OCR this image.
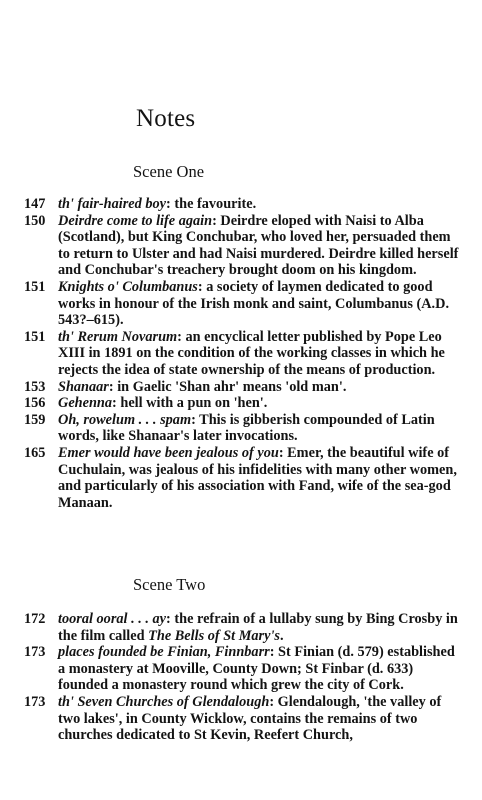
Notes
Scene One

147 th' fair-haired boy: the favourite.

150 Deirdre come to life again: Deirdre eloped with Naisi to Alba (Scotland), but King Conchubar, who loved her, persuaded them to return to Ulster and had Naisi murdered. Deirdre killed herself and Conchubar's treachery brought doom on his kingdom.

151 Knights o' Columbanus: a society of laymen dedicated to good works in honour of the Irish monk and saint, Columbanus (A.D. 543?–615).

151 th' Rerum Novarum: an encyclical letter published by Pope Leo XIII in 1891 on the condition of the working classes in which he rejects the idea of state ownership of the means of production.

153 Shanaar: in Gaelic 'Shan ahr' means 'old man'.

156 Gehenna: hell with a pun on 'hen'.

159 Oh, rowelum . . . spam: This is gibberish compounded of Latin words, like Shanaar's later invocations.

165 Emer would have been jealous of you: Emer, the beautiful wife of Cuchulain, was jealous of his infidelities with many other women, and particularly of his association with Fand, wife of the sea-god Manaan.

Scene Two

172 tooral ooral . . . ay: the refrain of a lullaby sung by Bing Crosby in the film called The Bells of St Mary's.

173 places founded be Finian, Finnbarr: St Finian (d. 579) established a monastery at Mooville, County Down; St Finbar (d. 633) founded a monastery round which grew the city of Cork.

173 th' Seven Churches of Glendalough: Glendalough, 'the valley of two lakes', in County Wicklow, contains the remains of two churches dedicated to St Kevin, Reefert Church,
